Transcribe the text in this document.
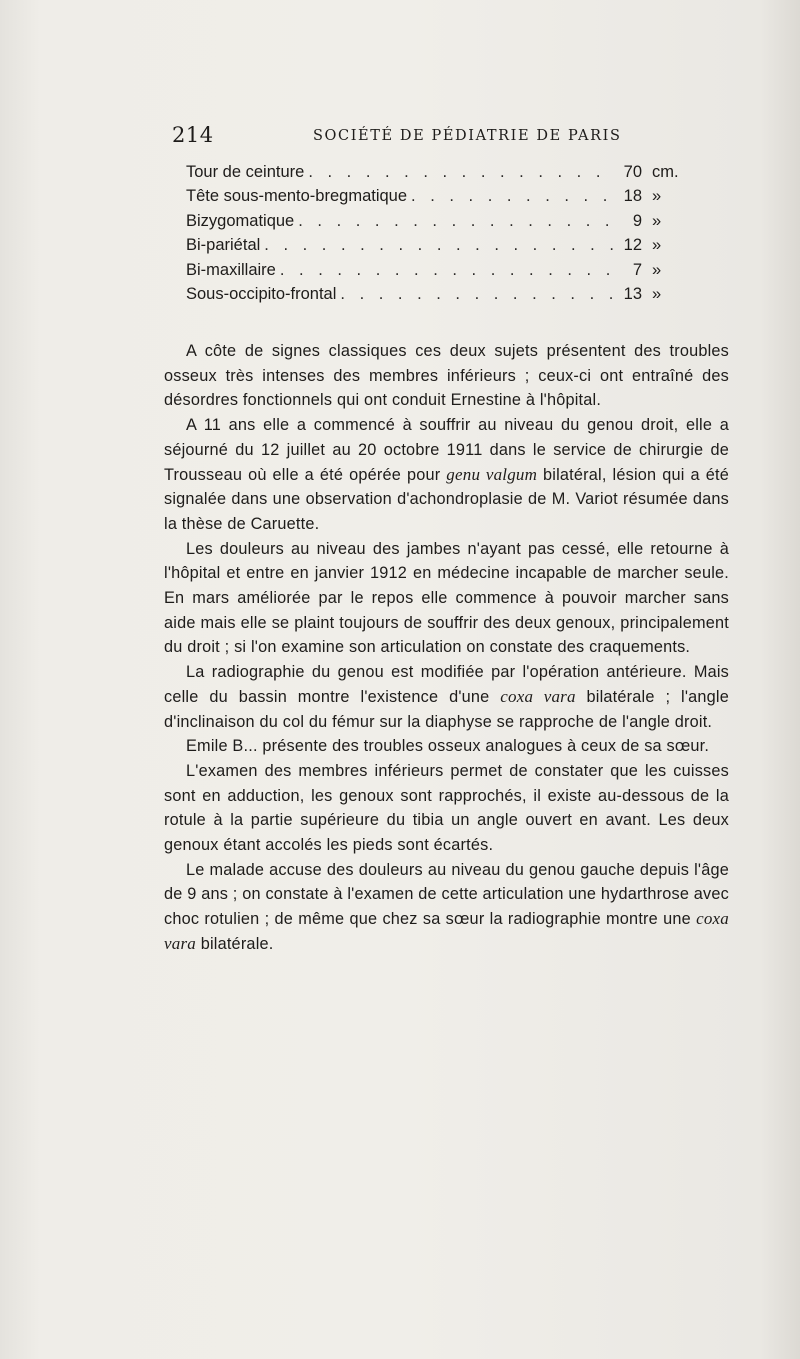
214	SOCIÉTÉ DE PÉDIATRIE DE PARIS
Tour de ceinture . . .	70 cm.
Tête sous-mento-bregmatique . . .	18 »
Bizygomatique . . .	9 »
Bi-pariétal . . .	12 »
Bi-maxillaire . . .	7 »
Sous-occipito-frontal . . .	13 »

A côte de signes classiques ces deux sujets présentent des troubles osseux très intenses des membres inférieurs ; ceux-ci ont entraîné des désordres fonctionnels qui ont conduit Ernestine à l'hôpital.

A 11 ans elle a commencé à souffrir au niveau du genou droit, elle a séjourné du 12 juillet au 20 octobre 1911 dans le service de chirurgie de Trousseau où elle a été opérée pour genu valgum bilatéral, lésion qui a été signalée dans une observation d'achondroplasie de M. Variot résumée dans la thèse de Caruette.

Les douleurs au niveau des jambes n'ayant pas cessé, elle retourne à l'hôpital et entre en janvier 1912 en médecine incapable de marcher seule. En mars améliorée par le repos elle commence à pouvoir marcher sans aide mais elle se plaint toujours de souffrir des deux genoux, principalement du droit ; si l'on examine son articulation on constate des craquements.

La radiographie du genou est modifiée par l'opération antérieure. Mais celle du bassin montre l'existence d'une coxa vara bilatérale ; l'angle d'inclinaison du col du fémur sur la diaphyse se rapproche de l'angle droit.

Emile B... présente des troubles osseux analogues à ceux de sa sœur.

L'examen des membres inférieurs permet de constater que les cuisses sont en adduction, les genoux sont rapprochés, il existe au-dessous de la rotule à la partie supérieure du tibia un angle ouvert en avant. Les deux genoux étant accolés les pieds sont écartés.

Le malade accuse des douleurs au niveau du genou gauche depuis l'âge de 9 ans ; on constate à l'examen de cette articulation une hydarthrose avec choc rotulien ; de même que chez sa sœur la radiographie montre une coxa vara bilatérale.
